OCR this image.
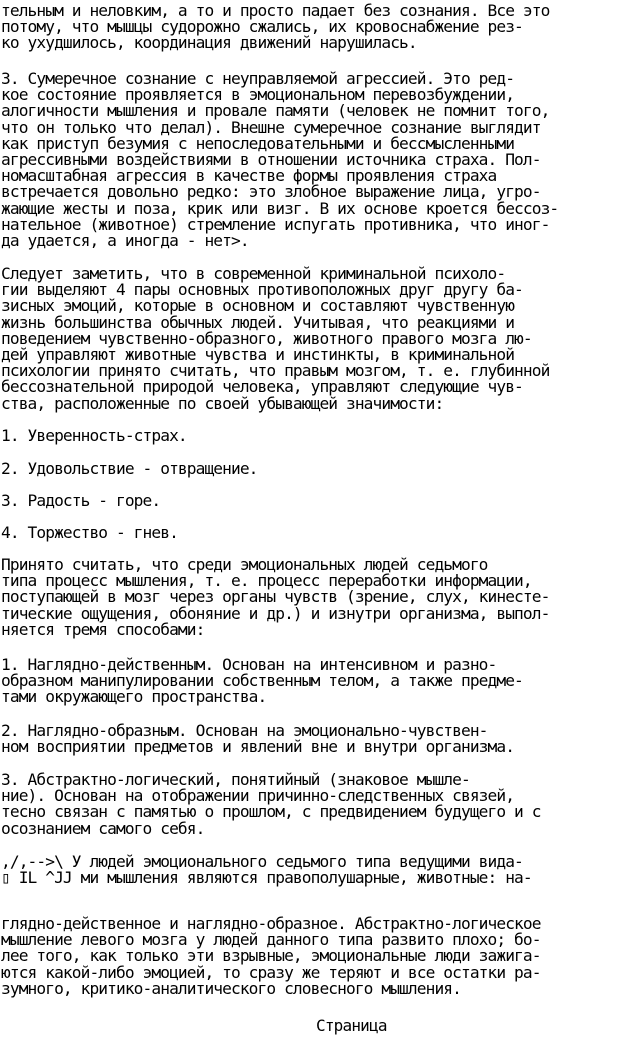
тельным и неловким, а то и просто падает без сознания. Все это
потому, что мышцы судорожно сжались, их кровоснабжение рез-
ко ухудшилось, координация движений нарушилась.
3. Сумеречное сознание с неуправляемой агрессией. Это ред-
кое состояние проявляется в эмоциональном перевозбуждении,
алогичности мышления и провале памяти (человек не помнит того,
что он только что делал). Внешне сумеречное сознание выглядит
как приступ безумия с непоследовательными и бессмысленными
агрессивными воздействиями в отношении источника страха. Пол-
номасштабная агрессия в качестве формы проявления страха
встречается довольно редко: это злобное выражение лица, угро-
жающие жесты и поза, крик или визг. В их основе кроется бессоз-
нательное (животное) стремление испугать противника, что иног-
да удается, а иногда - нет>.
Следует заметить, что в современной криминальной психоло-
гии выделяют 4 пары основных противоположных друг другу ба-
зисных эмоций, которые в основном и составляют чувственную
жизнь большинства обычных людей. Учитывая, что реакциями и
поведением чувственно-образного, животного правого мозга лю-
дей управляют животные чувства и инстинкты, в криминальной
психологии принято считать, что правым мозгом, т. е. глубинной
бессознательной природой человека, управляют следующие чув-
ства, расположенные по своей убывающей значимости:
1. Уверенность-страх.
2. Удовольствие - отвращение.
3. Радость - горе.
4. Торжество - гнев.
Принято считать, что среди эмоциональных людей седьмого
типа процесс мышления, т. е. процесс переработки информации,
поступающей в мозг через органы чувств (зрение, слух, кинесте-
тические ощущения, обоняние и др.) и изнутри организма, выпол-
няется тремя способами:
1. Наглядно-действенным. Основан на интенсивном и разно-
образном манипулировании собственным телом, а также предме-
тами окружающего пространства.
2. Наглядно-образным. Основан на эмоционально-чувствен-
ном восприятии предметов и явлений вне и внутри организма.
3. Абстрактно-логический, понятийный (знаковое мышле-
ние). Основан на отображении причинно-следственных связей,
тесно связан с памятью о прошлом, с предвидением будущего и с
осознанием самого себя.
,/,-->\ У людей эмоционального седьмого типа ведущими вида-
▯ IL ^JJ ми мышления являются правополушарные, животные: на-
глядно-действенное и наглядно-образное. Абстрактно-логическое
мышление левого мозга у людей данного типа развито плохо; бо-
лее того, как только эти взрывные, эмоциональные люди зажига-
ются какой-либо эмоцией, то сразу же теряют и все остатки ра-
зумного, критико-аналитического словесного мышления.
Страница
